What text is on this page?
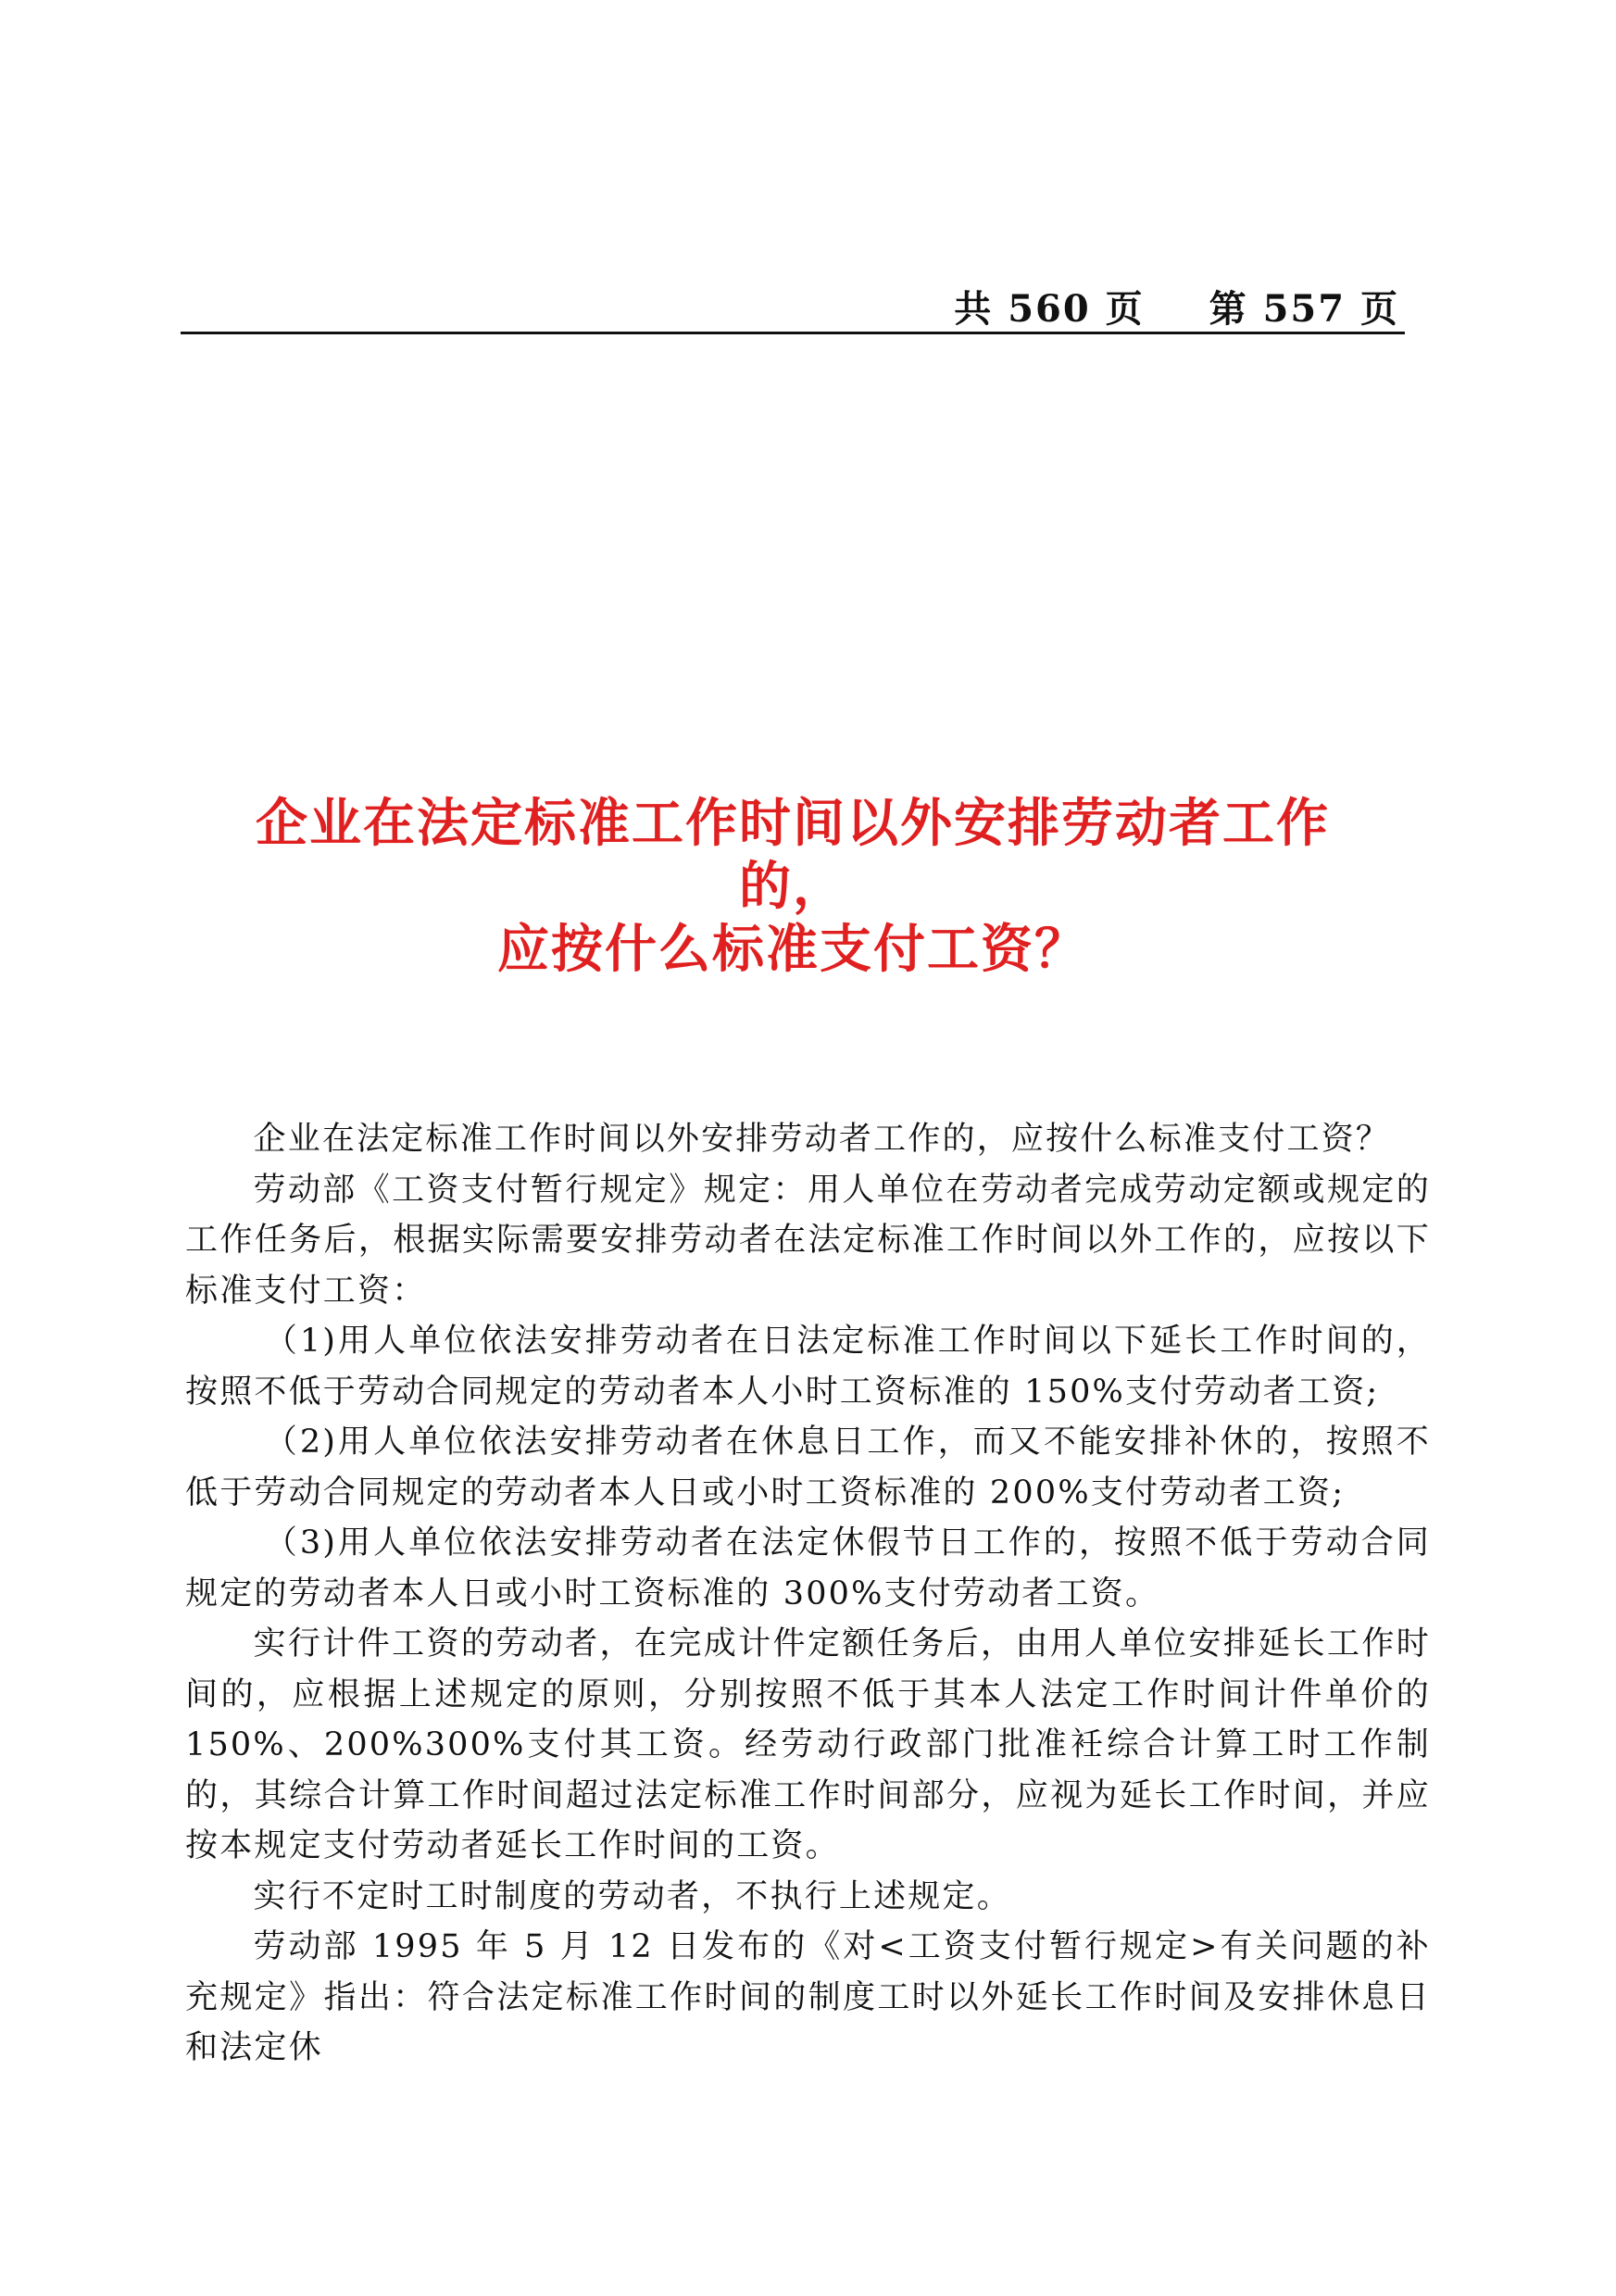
共 560 页 第 557 页
企业在法定标准工作时间以外安排劳动者工作
的，
应按什么标准支付工资？

企业在法定标准工作时间以外安排劳动者工作的，应按什么标准支付工资？

劳动部《工资支付暂行规定》规定：用人单位在劳动者完成劳动定额或规定的工作任务后，根据实际需要安排劳动者在法定标准工作时间以外工作的，应按以下标准支付工资：

（1)用人单位依法安排劳动者在日法定标准工作时间以下延长工作时间的，按照不低于劳动合同规定的劳动者本人小时工资标准的 150%支付劳动者工资;

（2)用人单位依法安排劳动者在休息日工作，而又不能安排补休的，按照不低于劳动合同规定的劳动者本人日或小时工资标准的 200%支付劳动者工资;

（3)用人单位依法安排劳动者在法定休假节日工作的，按照不低于劳动合同规定的劳动者本人日或小时工资标准的 300%支付劳动者工资。

实行计件工资的劳动者，在完成计件定额任务后，由用人单位安排延长工作时间的，应根据上述规定的原则，分别按照不低于其本人法定工作时间计件单价的 150%、200%300%支付其工资。经劳动行政部门批准衽综合计算工时工作制的，其综合计算工作时间超过法定标准工作时间部分，应视为延长工作时间，并应按本规定支付劳动者延长工作时间的工资。

实行不定时工时制度的劳动者，不执行上述规定。

劳动部 1995 年 5 月 12 日发布的《对<工资支付暂行规定>有关问题的补充规定》指出：符合法定标准工作时间的制度工时以外延长工作时间及安排休息日和法定休
